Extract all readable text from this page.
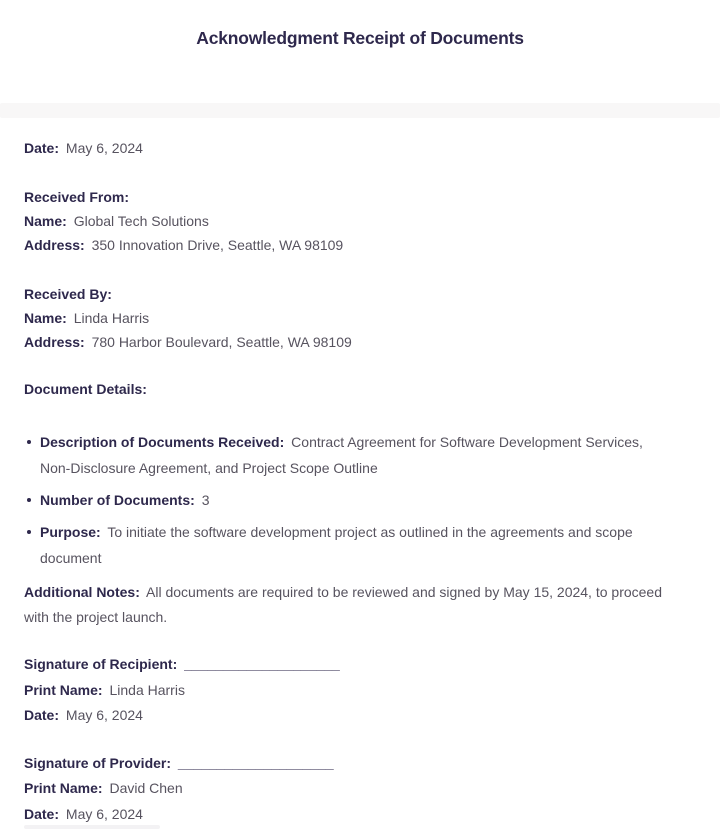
Acknowledgment Receipt of Documents

Date: May 6, 2024

Received From:

Name: Global Tech Solutions

Address: 350 Innovation Drive, Seattle, WA 98109

Received By:

Name: Linda Harris

Address: 780 Harbor Boulevard, Seattle, WA 98109

Document Details:

Description of Documents Received: Contract Agreement for Software Development Services, Non-Disclosure Agreement, and Project Scope Outline
Number of Documents: 3
Purpose: To initiate the software development project as outlined in the agreements and scope document

Additional Notes: All documents are required to be reviewed and signed by May 15, 2024, to proceed with the project launch.

Signature of Recipient: ____________________

Print Name: Linda Harris

Date: May 6, 2024

Signature of Provider: ____________________

Print Name: David Chen

Date: May 6, 2024
